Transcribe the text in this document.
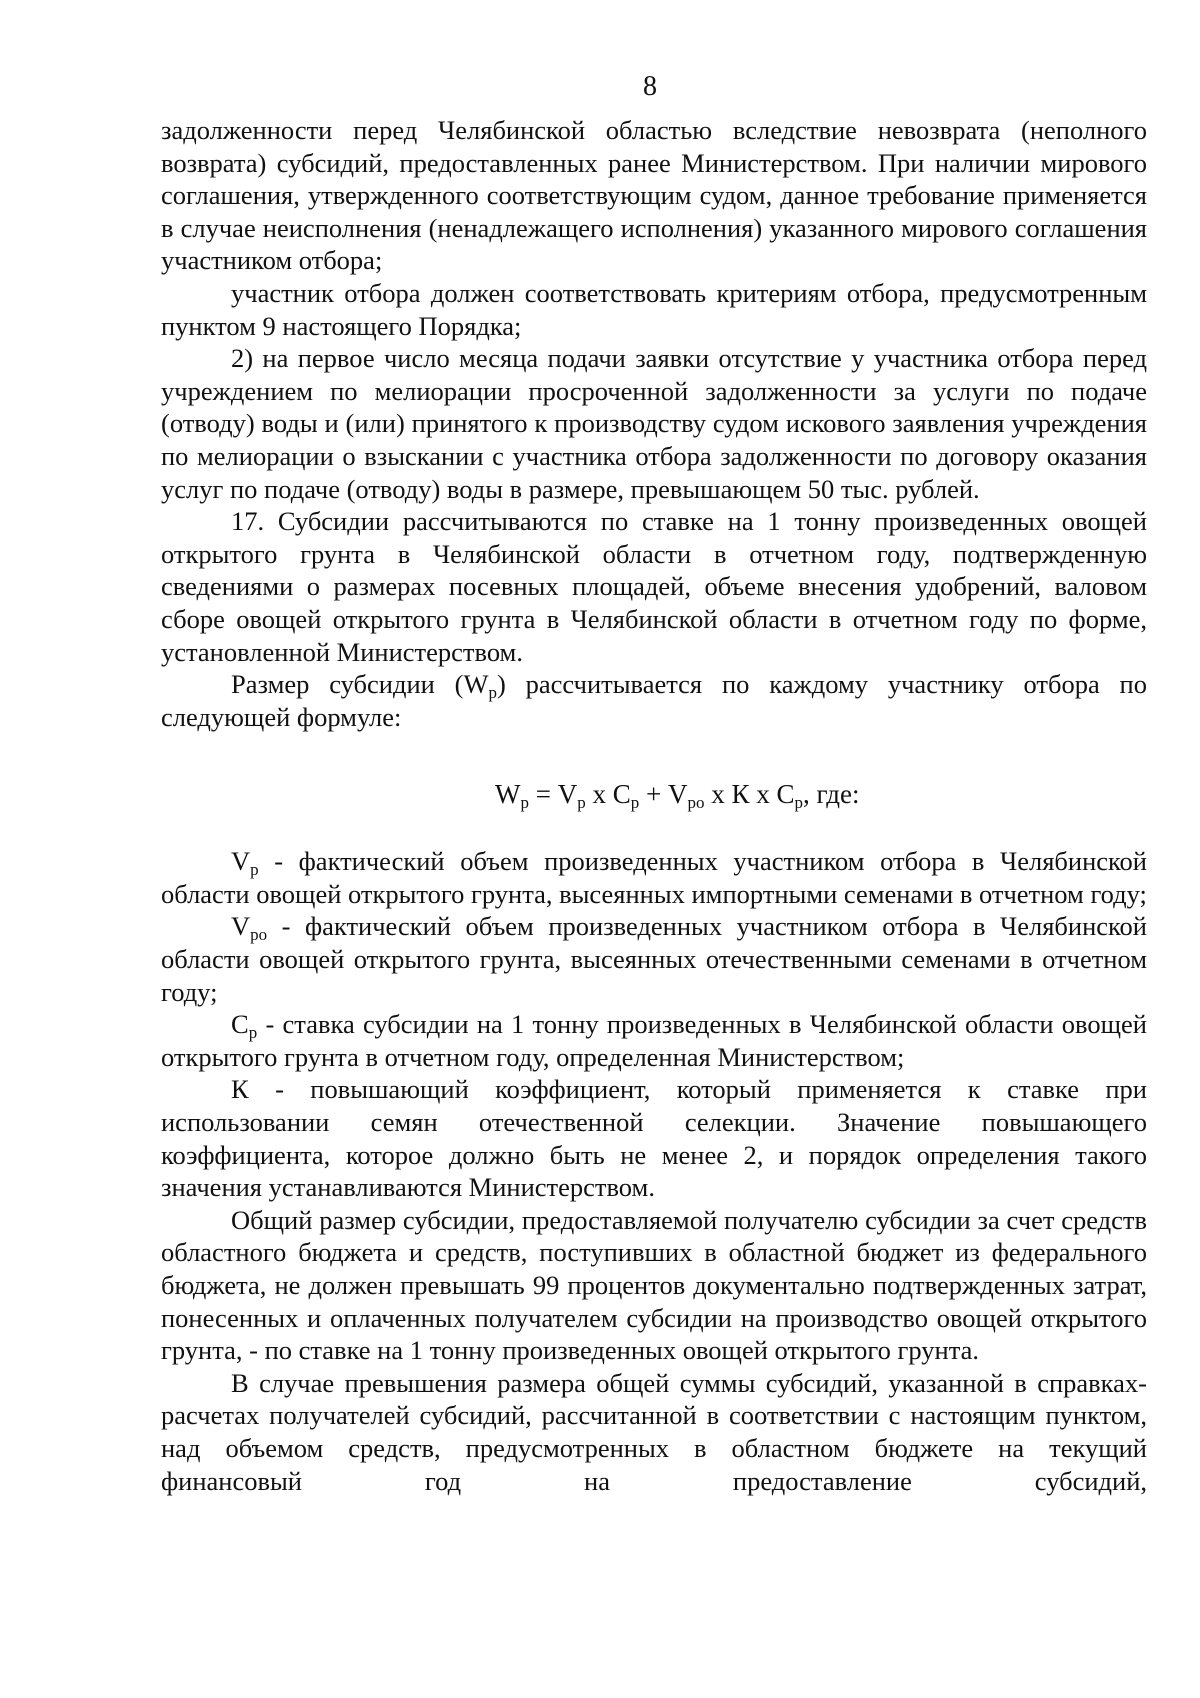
8

задолженности перед Челябинской областью вследствие невозврата (неполного возврата) субсидий, предоставленных ранее Министерством. При наличии мирового соглашения, утвержденного соответствующим судом, данное требование применяется в случае неисполнения (ненадлежащего исполнения) указанного мирового соглашения участником отбора;

участник отбора должен соответствовать критериям отбора, предусмотренным пунктом 9 настоящего Порядка;

2) на первое число месяца подачи заявки отсутствие у участника отбора перед учреждением по мелиорации просроченной задолженности за услуги по подаче (отводу) воды и (или) принятого к производству судом искового заявления учреждения по мелиорации о взыскании с участника отбора задолженности по договору оказания услуг по подаче (отводу) воды в размере, превышающем 50 тыс. рублей.

17. Субсидии рассчитываются по ставке на 1 тонну произведенных овощей открытого грунта в Челябинской области в отчетном году, подтвержденную сведениями о размерах посевных площадей, объеме внесения удобрений, валовом сборе овощей открытого грунта в Челябинской области в отчетном году по форме, установленной Министерством.

Размер субсидии $(W_р)$ рассчитывается по каждому участнику отбора по следующей формуле:

$W_р = V_р$ х $С_р + V_{ро}$ х К х $С_р$, где:

$V_р$ - фактический объем произведенных участником отбора в Челябинской области овощей открытого грунта, высеянных импортными семенами в отчетном году;

$V_{ро}$ - фактический объем произведенных участником отбора в Челябинской области овощей открытого грунта, высеянных отечественными семенами в отчетном году;

$С_р$ - ставка субсидии на 1 тонну произведенных в Челябинской области овощей открытого грунта в отчетном году, определенная Министерством;

К - повышающий коэффициент, который применяется к ставке при использовании семян отечественной селекции. Значение повышающего коэффициента, которое должно быть не менее 2, и порядок определения такого значения устанавливаются Министерством.

Общий размер субсидии, предоставляемой получателю субсидии за счет средств областного бюджета и средств, поступивших в областной бюджет из федерального бюджета, не должен превышать 99 процентов документально подтвержденных затрат, понесенных и оплаченных получателем субсидии на производство овощей открытого грунта, - по ставке на 1 тонну произведенных овощей открытого грунта.

В случае превышения размера общей суммы субсидий, указанной в справках-расчетах получателей субсидий, рассчитанной в соответствии с настоящим пунктом, над объемом средств, предусмотренных в областном бюджете на текущий финансовый год на предоставление субсидий,
